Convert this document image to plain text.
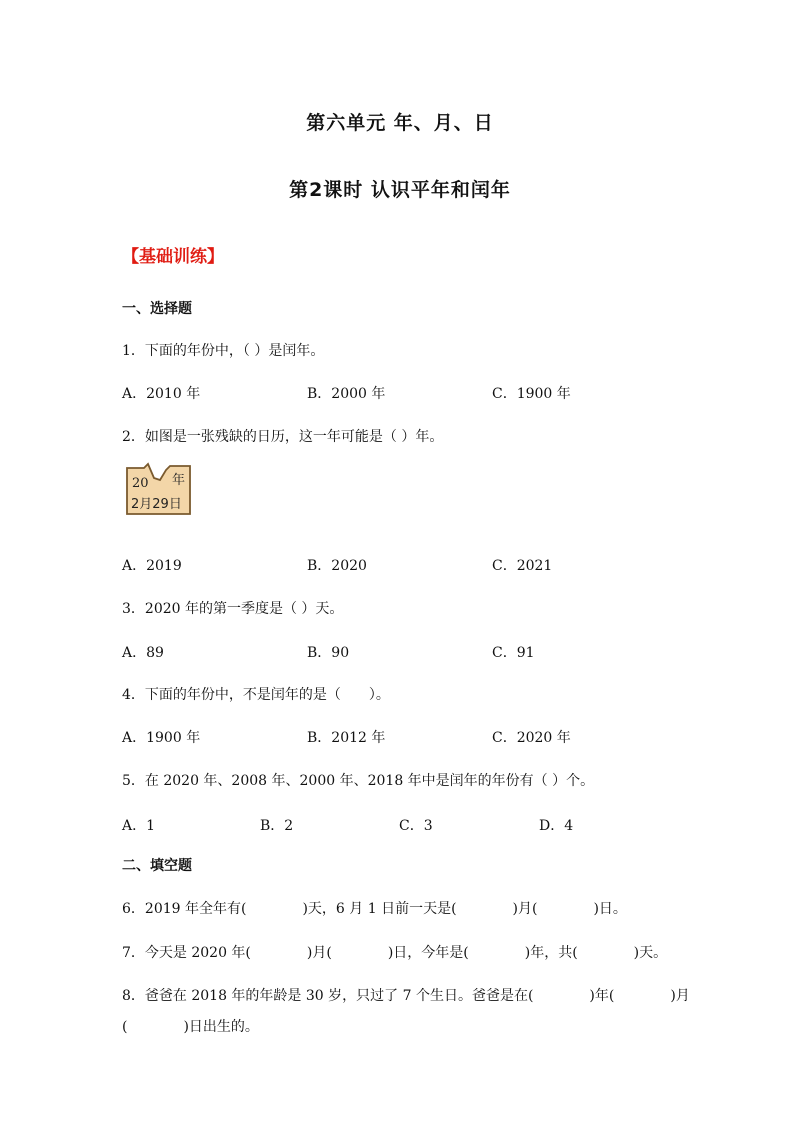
第六单元 年、月、日
第2课时 认识平年和闰年
【基础训练】
一、选择题
1．下面的年份中，（ ）是闰年。
A．2010 年	B．2000 年	C．1900 年
2．如图是一张残缺的日历，这一年可能是（ ）年。
20 年
2月29日
A．2019	B．2020	C．2021
3．2020 年的第一季度是（ ）天。
A．89	B．90	C．91
4．下面的年份中，不是闰年的是（　　）。
A．1900 年	B．2012 年	C．2020 年
5．在 2020 年、2008 年、2000 年、2018 年中是闰年的年份有（ ）个。
A．1	B．2	C．3	D．4
二、填空题
6．2019 年全年有(　　　　)天，6 月 1 日前一天是(　　　　)月(　　　　)日。
7．今天是 2020 年(　　　　)月(　　　　)日，今年是(　　　　)年，共(　　　　)天。
8．爸爸在 2018 年的年龄是 30 岁，只过了 7 个生日。爸爸是在(　　　　)年(　　　　)月
(　　　　)日出生的。
